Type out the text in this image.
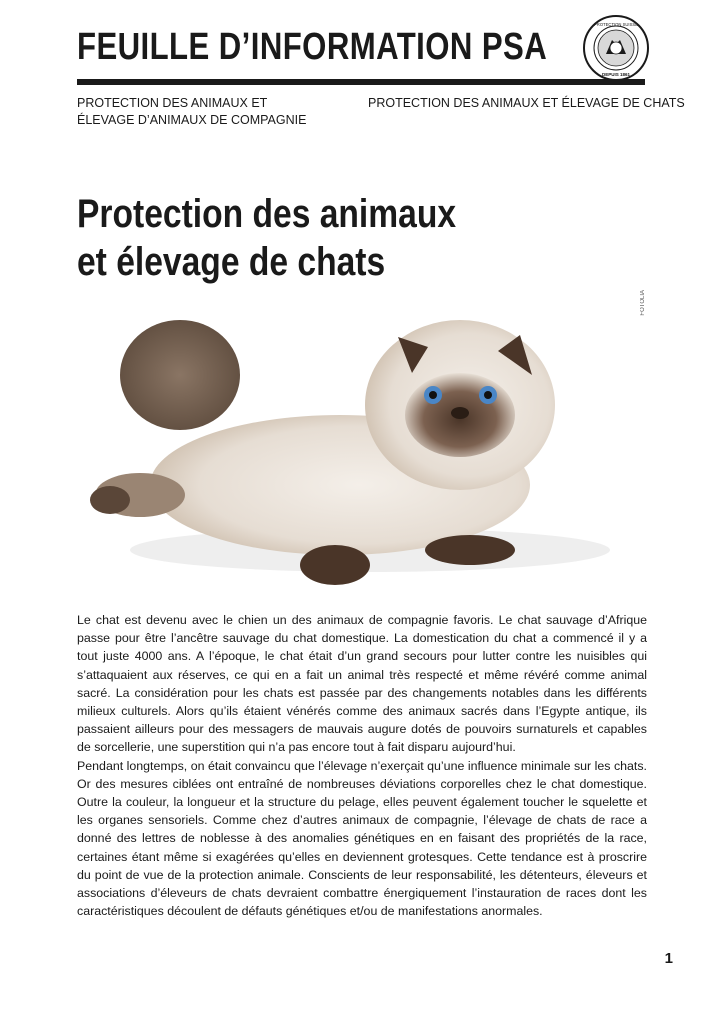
FEUILLE D’INFORMATION PSA
PROTECTION SUISSE
DEPUIS 1861
PROTECTION DES ANIMAUX ET
ÉLEVAGE D’ANIMAUX DE COMPAGNIE
PROTECTION DES ANIMAUX ET ÉLEVAGE DE CHATS
Protection des animaux
et élevage de chats
FOTOLIA

Le chat est devenu avec le chien un des animaux de compagnie favoris. Le chat sauvage d’Afrique passe pour être l’ancêtre sauvage du chat domestique. La domestication du chat a commencé il y a tout juste 4000 ans. A l’époque, le chat était d’un grand secours pour lutter contre les nuisibles qui s’attaquaient aux réserves, ce qui en a fait un animal très respecté et même révéré comme animal sacré. La considération pour les chats est passée par des changements notables dans les différents milieux culturels. Alors qu’ils étaient vénérés comme des animaux sacrés dans l’Egypte antique, ils passaient ailleurs pour des messagers de mauvais augure dotés de pouvoirs surnaturels et capables de sorcellerie, une superstition qui n’a pas encore tout à fait disparu aujourd’hui.

Pendant longtemps, on était convaincu que l’élevage n’exerçait qu’une influence minimale sur les chats. Or des mesures ciblées ont entraîné de nombreuses déviations corporelles chez le chat domestique. Outre la couleur, la longueur et la structure du pelage, elles peuvent également toucher le squelette et les organes sensoriels. Comme chez d’autres animaux de compagnie, l’élevage de chats de race a donné des lettres de noblesse à des anomalies génétiques en en faisant des propriétés de la race, certaines étant même si exagérées qu’elles en deviennent grotesques. Cette tendance est à proscrire du point de vue de la protection animale. Conscients de leur responsabilité, les détenteurs, éleveurs et associations d’éleveurs de chats devraient combattre énergiquement l’instauration de races dont les caractéristiques découlent de défauts génétiques et/ou de manifestations anormales.

1
